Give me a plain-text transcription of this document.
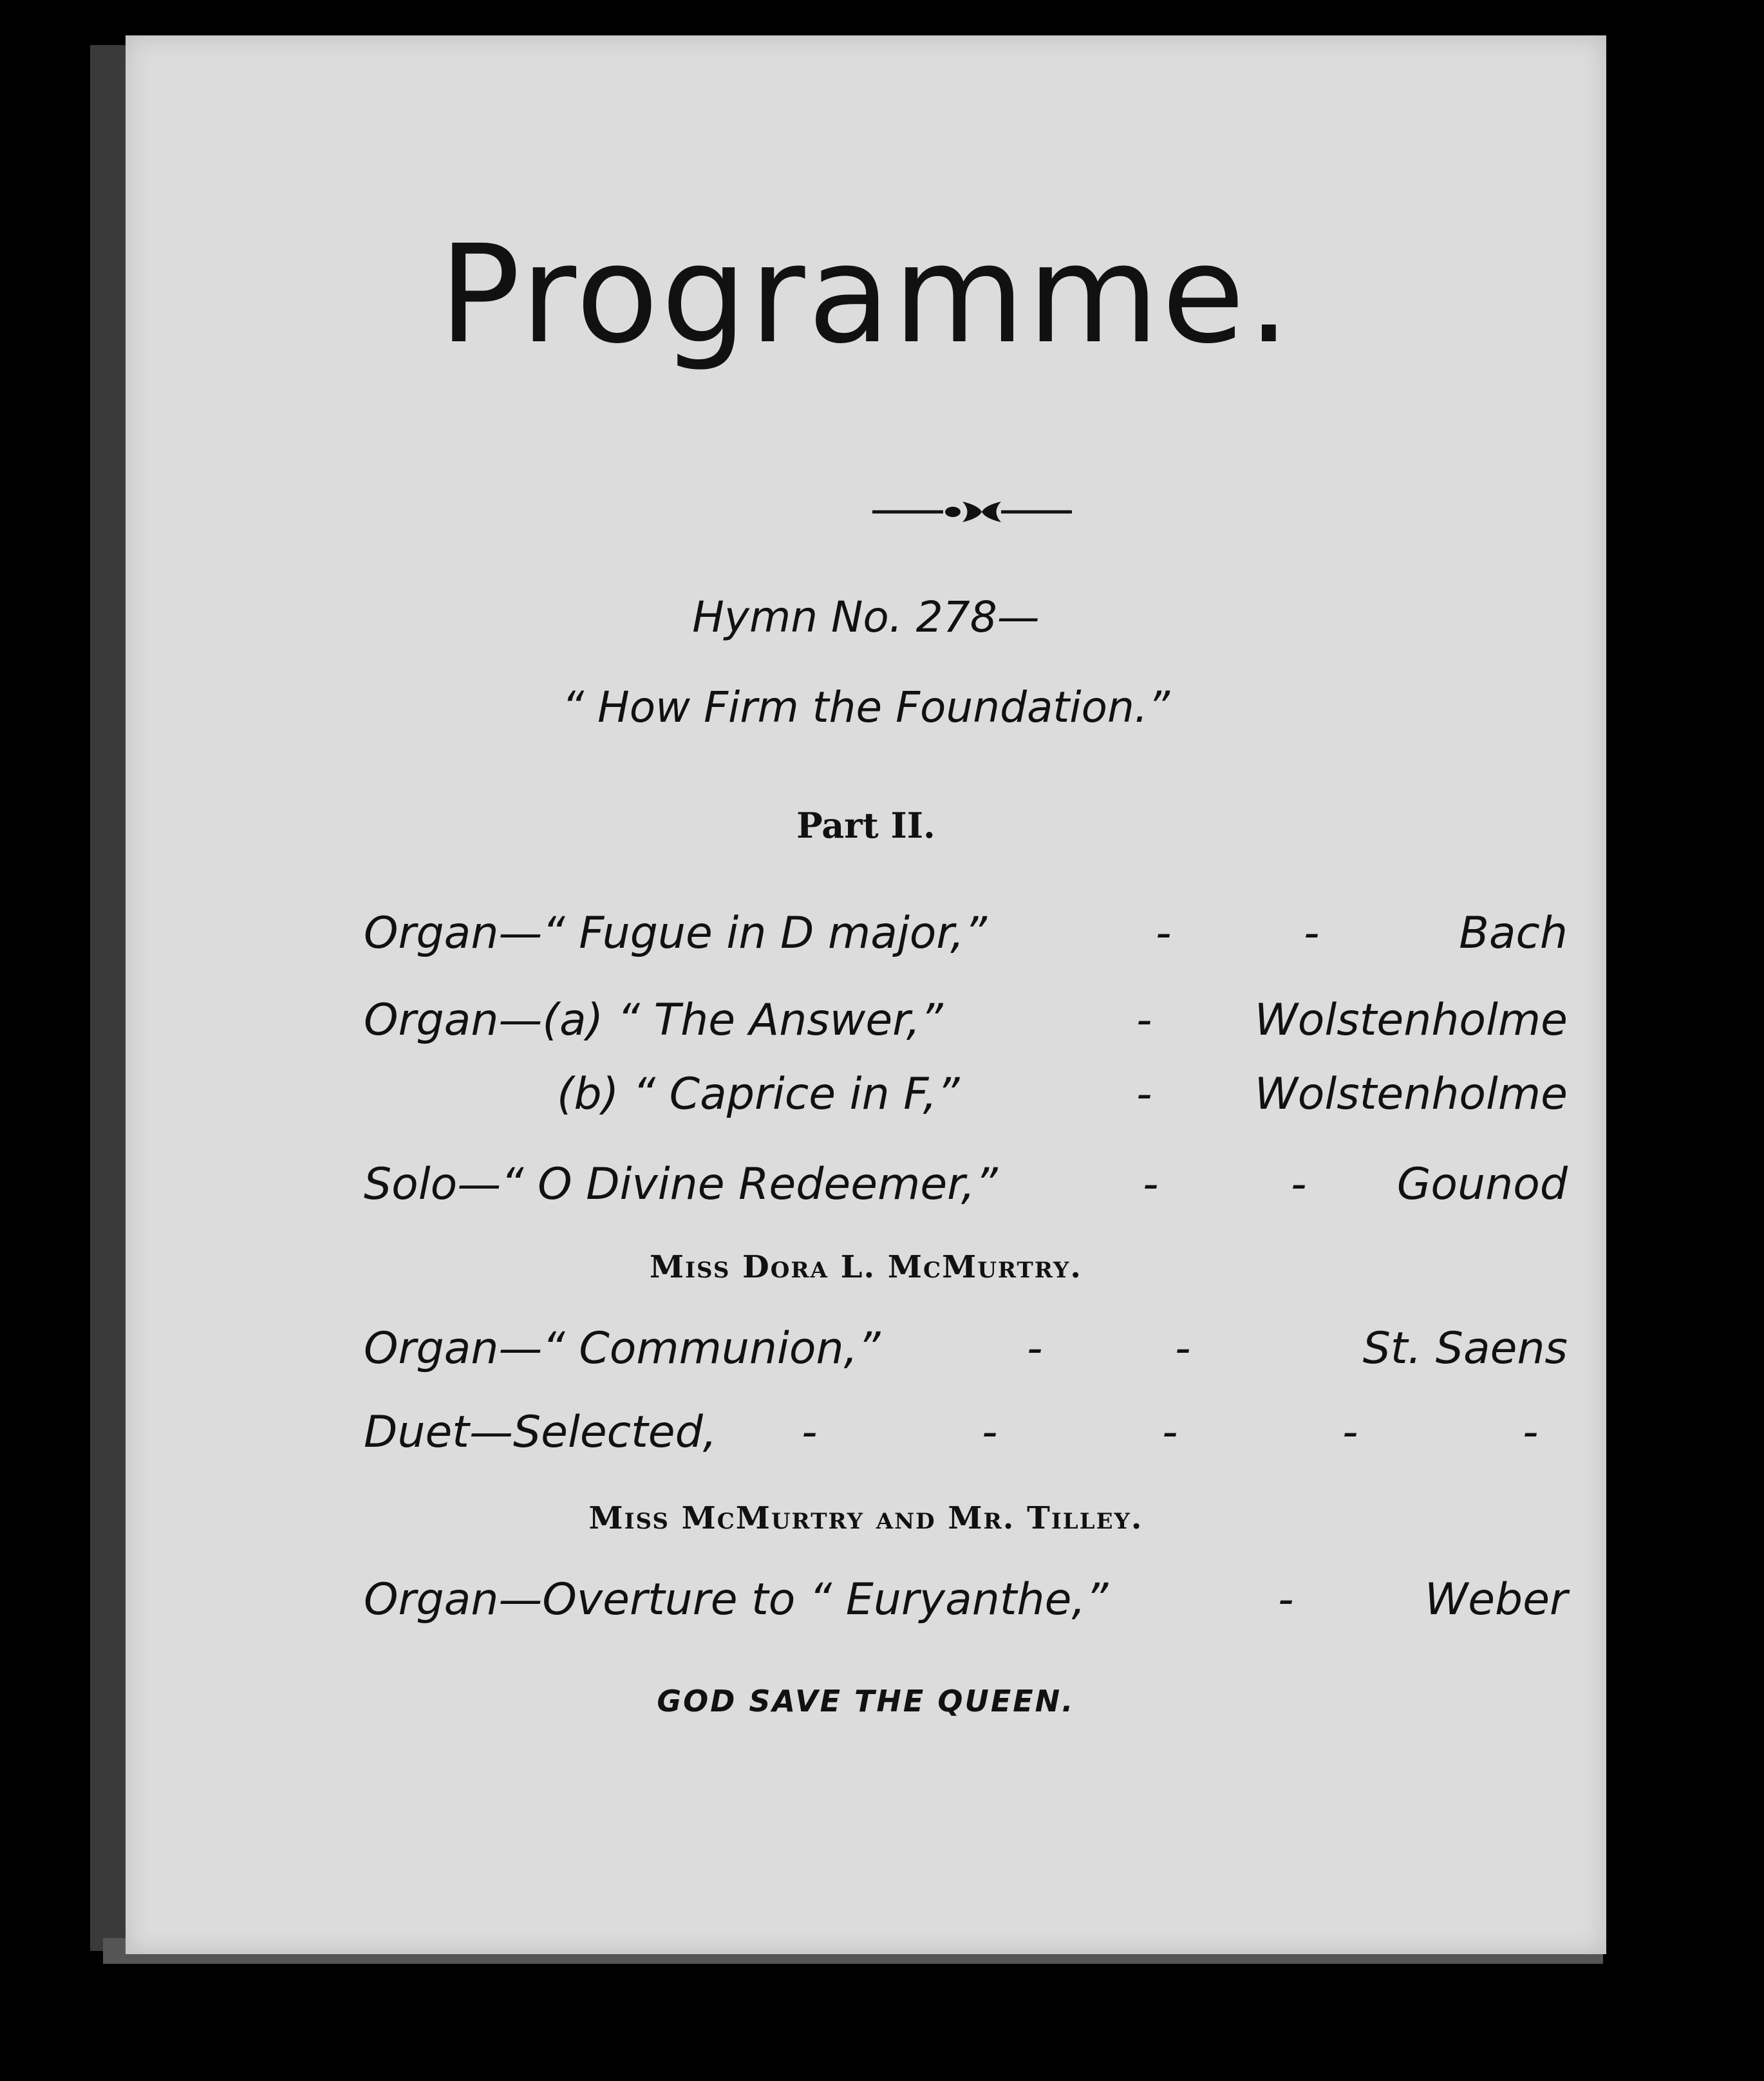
Programme.
Hymn No. 278—
“ How Firm the Foundation.”
Part II.
Organ—“ Fugue in D major,”	-	-	Bach
Organ—(a) “ The Answer,”	- Wolstenholme
(b) “ Caprice in F,”	- Wolstenholme
Solo—“ O Divine Redeemer,”	-	- Gounod
Miss Dora L. McMurtry.
Organ—“ Communion,”	-	-	St. Saens
Duet—Selected, -	-	-	-	-
Miss McMurtry and Mr. Tilley.
Organ—Overture to “ Euryanthe,”	-	Weber
GOD SAVE THE QUEEN.
